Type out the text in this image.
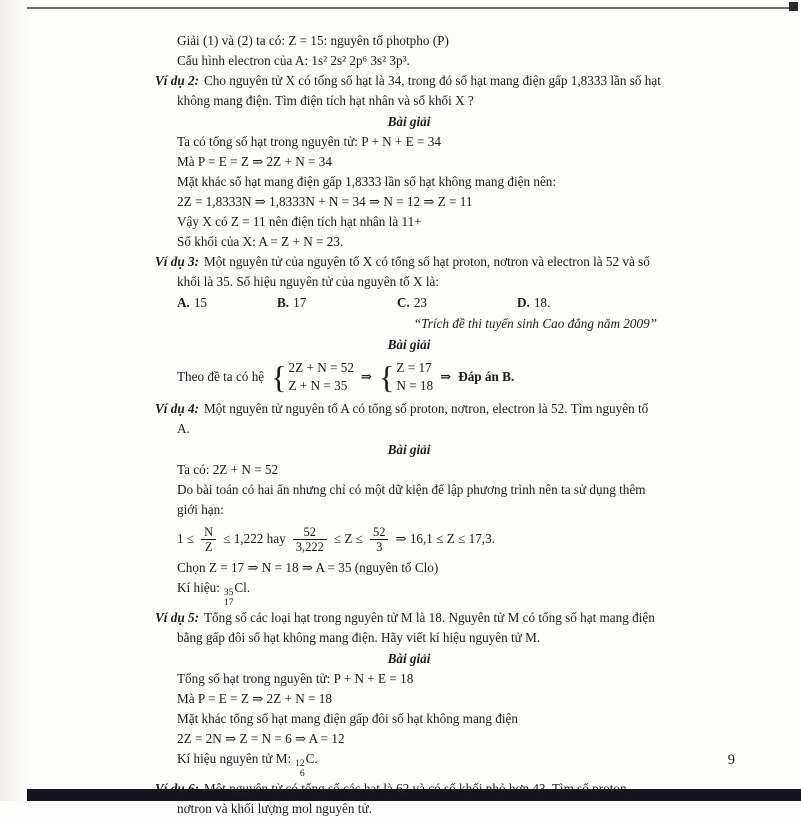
Giải (1) và (2) ta có: Z = 15: nguyên tố photpho (P)
Cấu hình electron của A: 1s² 2s² 2p⁶ 3s² 3p³.
Ví dụ 2: Cho nguyên tử X có tổng số hạt là 34, trong đó số hạt mang điện gấp 1,8333 lần số hạt không mang điện. Tìm điện tích hạt nhân và số khối X ?
Bài giải
Ta có tổng số hạt trong nguyên tử: P + N + E = 34
Mà P = E = Z ⇒ 2Z + N = 34
Mặt khác số hạt mang điện gấp 1,8333 lần số hạt không mang điện nên:
2Z = 1,8333N ⇒ 1,8333N + N = 34 ⇒ N = 12 ⇒ Z = 11
Vậy X có Z = 11 nên điện tích hạt nhân là 11+
Số khối của X: A = Z + N = 23.
Ví dụ 3: Một nguyên tử của nguyên tố X có tổng số hạt proton, nơtron và electron là 52 và số khối là 35. Số hiệu nguyên tử của nguyên tố X là:
A. 15	B. 17	C. 23	D. 18.
“Trích đề thi tuyển sinh Cao đẳng năm 2009”
Bài giải
Theo đề ta có hệ { 2Z + N = 52
Z + N = 35
⇒ { Z = 17
N = 18
⇒ Đáp án B.
Ví dụ 4: Một nguyên tử nguyên tố A có tổng số proton, nơtron, electron là 52. Tìm nguyên tố A.
Bài giải
Ta có: 2Z + N = 52
Do bài toán có hai ẩn nhưng chỉ có một dữ kiện để lập phương trình nên ta sử dụng thêm giới hạn:
$1 \le \frac{N}{Z} \le 1,222$ hay $\frac{52}{3,222} \le Z \le \frac{52}{3}$ ⇒ 16,1 ≤ Z ≤ 17,3.
Chọn Z = 17 ⇒ N = 18 ⇒ A = 35 (nguyên tố Clo)
Kí hiệu: 35
17
Cl.
Ví dụ 5: Tổng số các loại hạt trong nguyên tử M là 18. Nguyên tử M có tổng số hạt mang điện bằng gấp đôi số hạt không mang điện. Hãy viết kí hiệu nguyên tử M.
Bài giải
Tổng số hạt trong nguyên tử: P + N + E = 18
Mà P = E = Z ⇒ 2Z + N = 18
Mặt khác tổng số hạt mang điện gấp đôi số hạt không mang điện
2Z = 2N ⇒ Z = N = 6 ⇒ A = 12
Kí hiệu nguyên tử M: 12
6
C.
Ví dụ 6: Một nguyên tử có tổng số các hạt là 62 và có số khối nhỏ hơn 43. Tìm số proton, nơtron và khối lượng mol nguyên tử.
9
